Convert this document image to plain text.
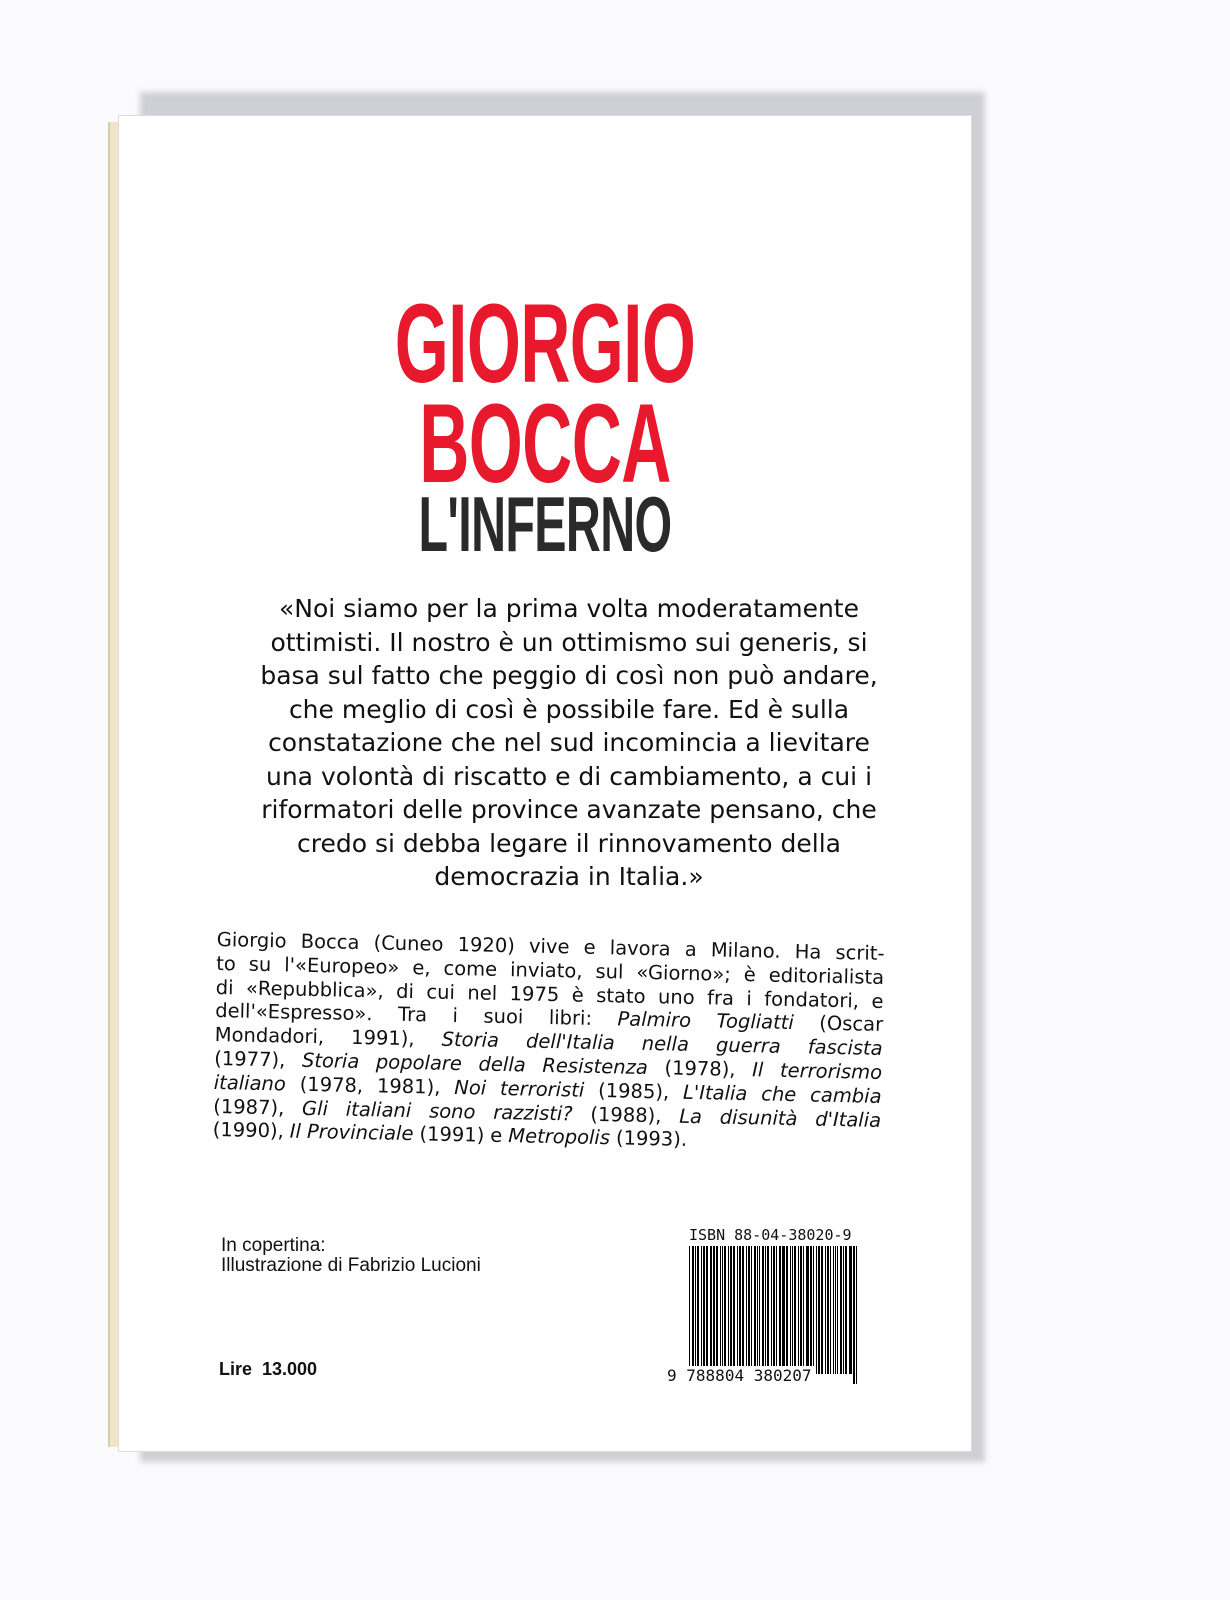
GIORGIO
BOCCA
L'INFERNO
«Noi siamo per la prima volta moderatamente
ottimisti. Il nostro è un ottimismo sui generis, si
basa sul fatto che peggio di così non può andare,
che meglio di così è possibile fare. Ed è sulla
constatazione che nel sud incomincia a lievitare
una volontà di riscatto e di cambiamento, a cui i
riformatori delle province avanzate pensano, che
credo si debba legare il rinnovamento della
democrazia in Italia.»
Giorgio Bocca (Cuneo 1920) vive e lavora a Milano. Ha scrit-
to su l'«Europeo» e, come inviato, sul «Giorno»; è editorialista
di «Repubblica», di cui nel 1975 è stato uno fra i fondatori, e
dell'«Espresso». Tra i suoi libri: Palmiro Togliatti (Oscar
Mondadori, 1991), Storia dell'Italia nella guerra fascista
(1977), Storia popolare della Resistenza (1978), Il terrorismo
italiano (1978, 1981), Noi terroristi (1985), L'Italia che cambia
(1987), Gli italiani sono razzisti? (1988), La disunità d'Italia
(1990), Il Provinciale (1991) e Metropolis (1993).
In copertina:
Illustrazione di Fabrizio Lucioni
Lire 13.000
ISBN 88-04-38020-9
9 788804 380207
